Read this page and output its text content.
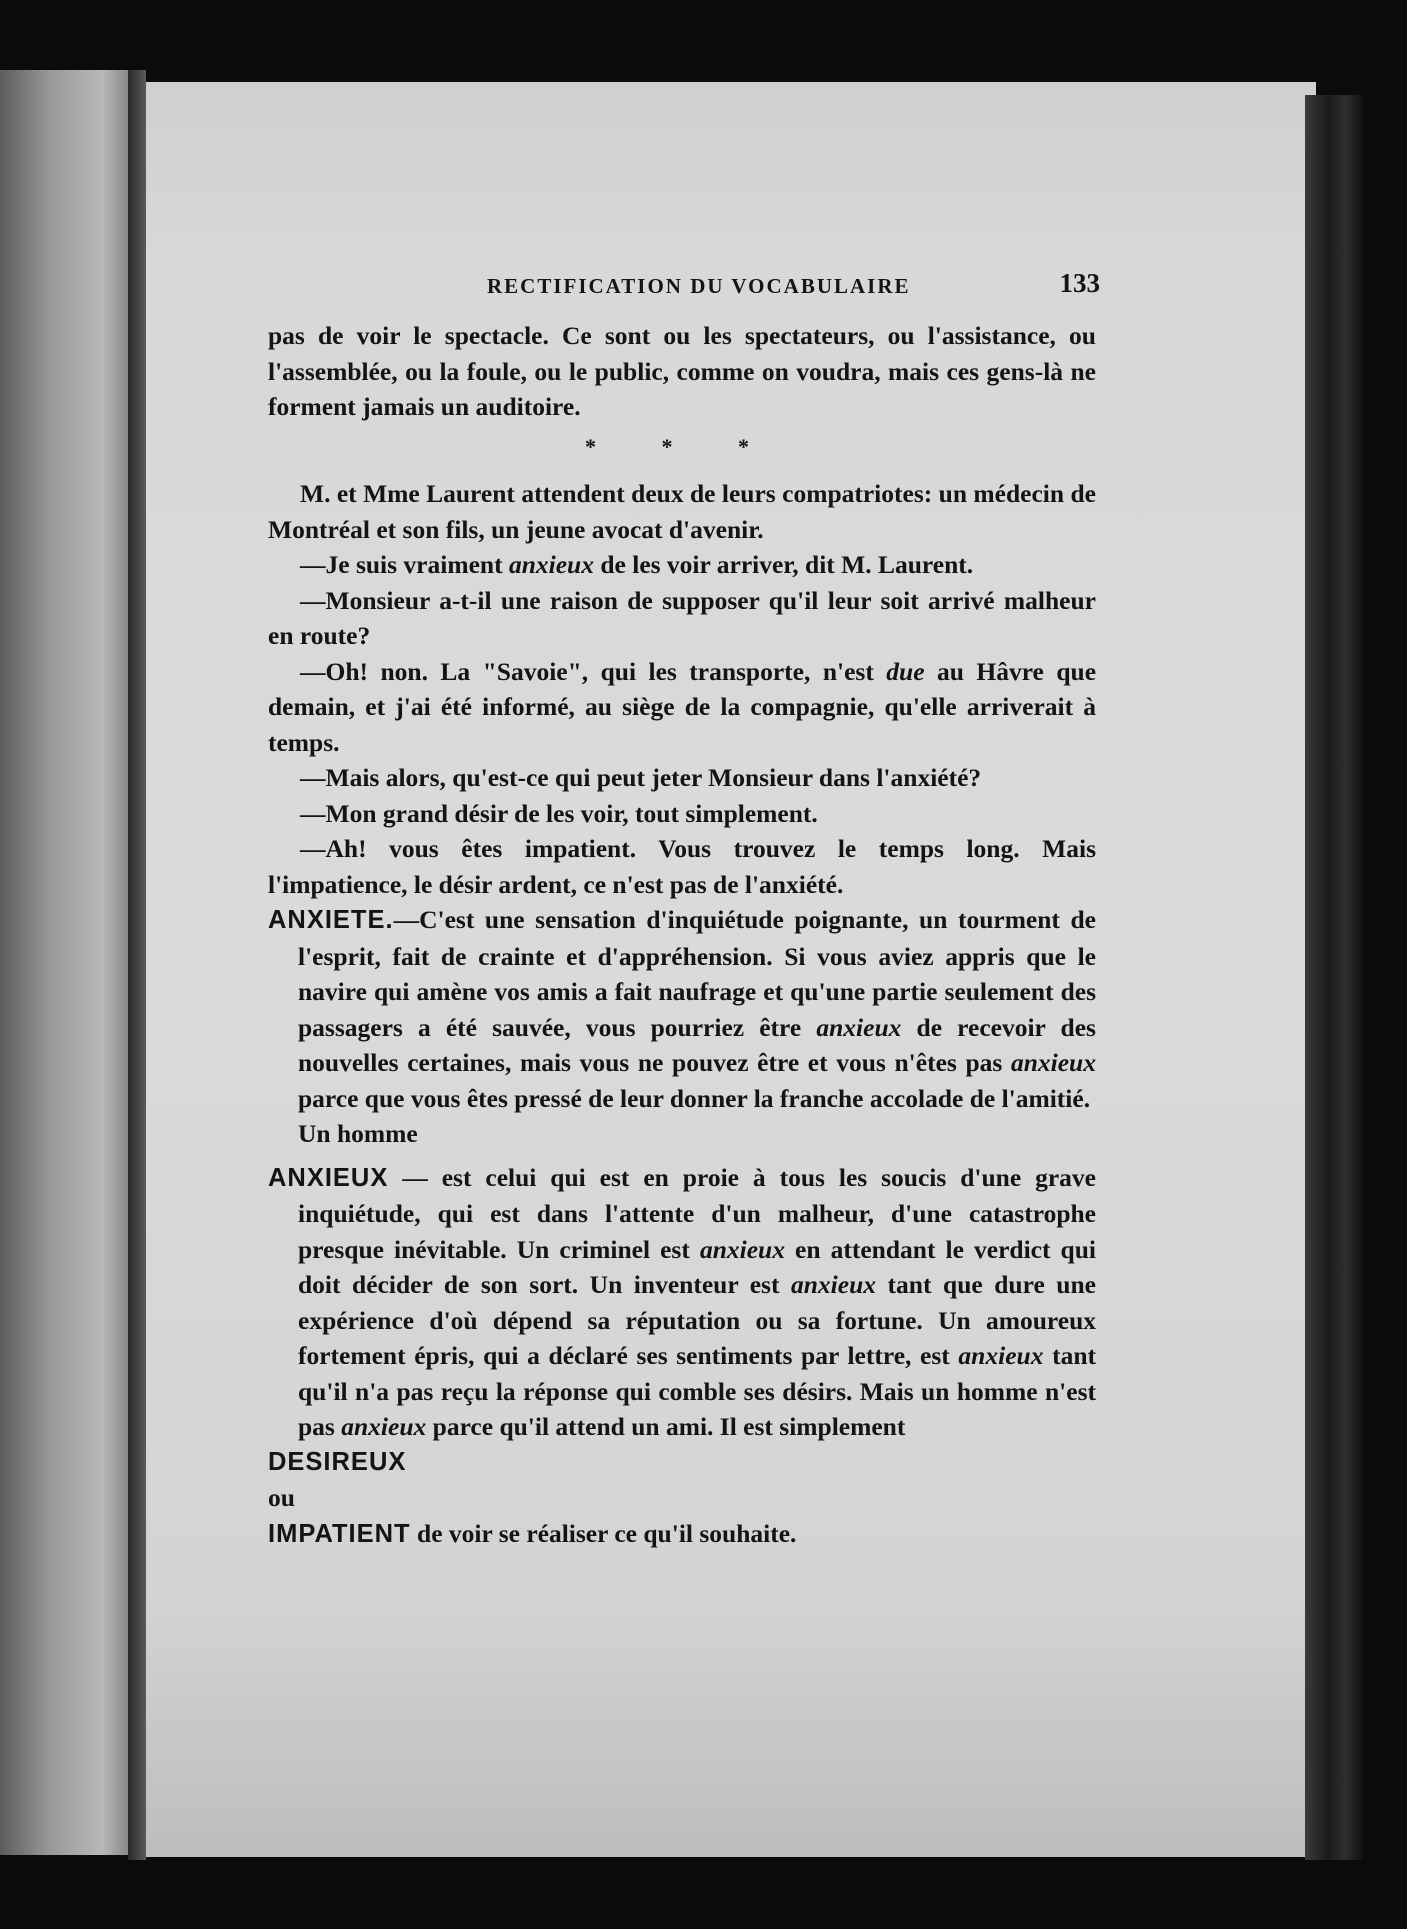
RECTIFICATION DU VOCABULAIRE	133

pas de voir le spectacle. Ce sont ou les spectateurs, ou l'assistance, ou l'assemblée, ou la foule, ou le public, comme on voudra, mais ces gens-là ne forment jamais un auditoire.

* * *

M. et Mme Laurent attendent deux de leurs compatriotes: un médecin de Montréal et son fils, un jeune avocat d'avenir.

—Je suis vraiment anxieux de les voir arriver, dit M. Laurent.

—Monsieur a-t-il une raison de supposer qu'il leur soit arrivé malheur en route?

—Oh! non. La "Savoie", qui les transporte, n'est due au Hâvre que demain, et j'ai été informé, au siège de la compagnie, qu'elle arriverait à temps.

—Mais alors, qu'est-ce qui peut jeter Monsieur dans l'anxiété?

—Mon grand désir de les voir, tout simplement.

—Ah! vous êtes impatient. Vous trouvez le temps long. Mais l'impatience, le désir ardent, ce n'est pas de l'anxiété.

ANXIETE.—C'est une sensation d'inquiétude poignante, un tourment de l'esprit, fait de crainte et d'appréhension. Si vous aviez appris que le navire qui amène vos amis a fait naufrage et qu'une partie seulement des passagers a été sauvée, vous pourriez être anxieux de recevoir des nouvelles certaines, mais vous ne pouvez être et vous n'êtes pas anxieux parce que vous êtes pressé de leur donner la franche accolade de l'amitié.

Un homme

ANXIEUX — est celui qui est en proie à tous les soucis d'une grave inquiétude, qui est dans l'attente d'un malheur, d'une catastrophe presque inévitable. Un criminel est anxieux en attendant le verdict qui doit décider de son sort. Un inventeur est anxieux tant que dure une expérience d'où dépend sa réputation ou sa fortune. Un amoureux fortement épris, qui a déclaré ses sentiments par lettre, est anxieux tant qu'il n'a pas reçu la réponse qui comble ses désirs. Mais un homme n'est pas anxieux parce qu'il attend un ami. Il est simplement

DESIREUX

ou

IMPATIENT de voir se réaliser ce qu'il souhaite.
